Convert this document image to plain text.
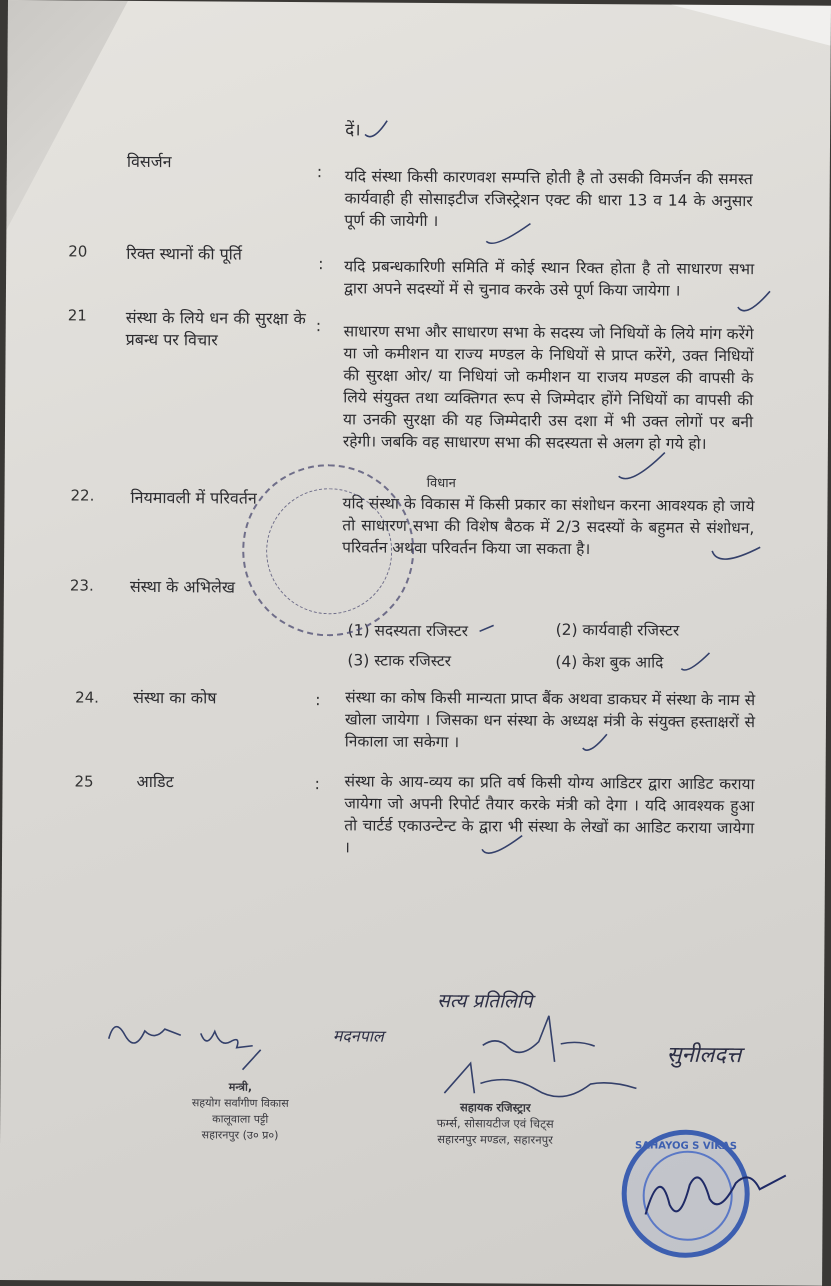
दें।
विसर्जन
: यदि संस्था किसी कारणवश सम्पत्ति होती है तो उसकी विमर्जन की समस्त कार्यवाही ही सोसाइटीज रजिस्ट्रेशन एक्ट की धारा 13 व 14 के अनुसार पूर्ण की जायेगी ।
20 रिक्त स्थानों की पूर्ति
: यदि प्रबन्धकारिणी समिति में कोई स्थान रिक्त होता है तो साधारण सभा द्वारा अपने सदस्यों में से चुनाव करके उसे पूर्ण किया जायेगा ।
21 संस्था के लिये धन की सुरक्षा के प्रबन्ध पर विचार
: साधारण सभा और साधारण सभा के सदस्य जो निधियों के लिये मांग करेंगे या जो कमीशन या राज्य मण्डल के निधियों से प्राप्त करेंगे, उक्त निधियों की सुरक्षा ओर/ या निधियां जो कमीशन या राजय मण्डल की वापसी के लिये संयुक्त तथा व्यक्तिगत रूप से जिम्मेदार होंगे निधियों का वापसी की या उनकी सुरक्षा की यह जिम्मेदारी उस दशा में भी उक्त लोगों पर बनी रहेगी। जबकि वह साधारण सभा की सदस्यता से अलग हो गये हो।
22. नियमावली में परिवर्तन
विधान
यदि संस्था के विकास में किसी प्रकार का संशोधन करना आवश्यक हो जाये तो साधारण सभा की विशेष बैठक में 2/3 सदस्यों के बहुमत से संशोधन, परिवर्तन अथवा परिवर्तन किया जा सकता है।
23. संस्था के अभिलेख
(1) सदस्यता रजिस्टर	(2) कार्यवाही रजिस्टर
(3) स्टाक रजिस्टर	(4) केश बुक आदि
24. संस्था का कोष	: संस्था का कोष किसी मान्यता प्राप्त बैंक अथवा डाकघर में संस्था के नाम से खोला जायेगा । जिसका धन संस्था के अध्यक्ष मंत्री के संयुक्त हस्ताक्षरों से निकाला जा सकेगा ।
25	आडिट	: संस्था के आय-व्यय का प्रति वर्ष किसी योग्य आडिटर द्वारा आडिट कराया जायेगा जो अपनी रिपोर्ट तैयार करके मंत्री को देगा । यदि आवश्यक हुआ तो चार्टर्ड एकाउन्टेन्ट के द्वारा भी संस्था के लेखों का आडिट कराया जायेगा ।
सत्य प्रतिलिपि
मदनपाल
सुनीलदत्त
मन्त्री,
सहयोग सर्वांगीण विकास
कालूवाला पट्टी
सहारनपुर (उ० प्र०)
सहायक रजिस्ट्रार
फर्म्स, सोसायटीज एवं चिट्स
सहारनपुर मण्डल, सहारनपुर	SAHAYOG S VIKAS
